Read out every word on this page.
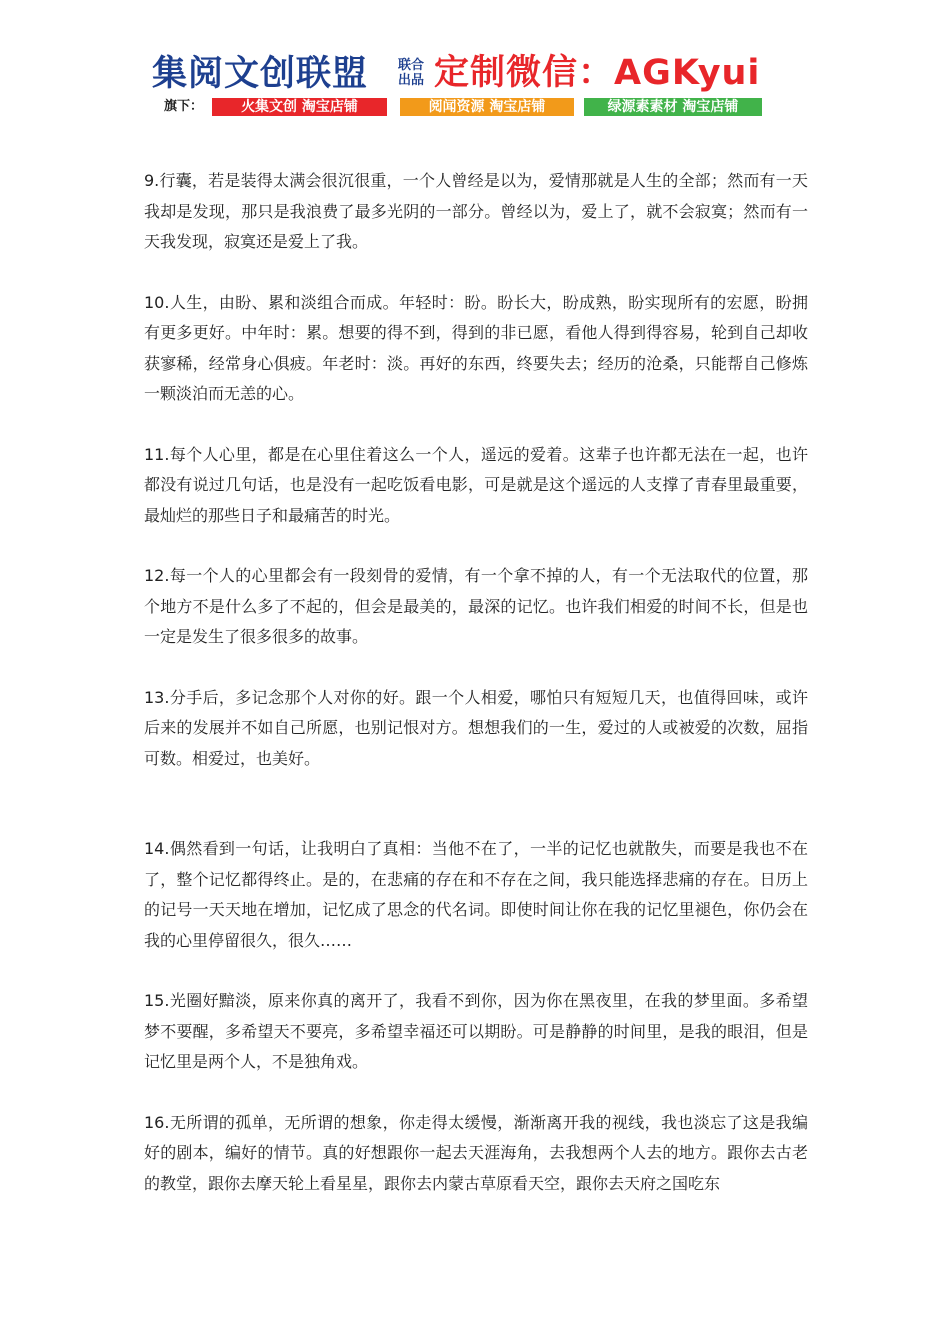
集阅文创联盟 联合出品 定制微信：AGKyui
旗下：	火集文创 淘宝店铺	阅闻资源 淘宝店铺	绿源素素材 淘宝店铺

9.行囊，若是装得太满会很沉很重，一个人曾经是以为，爱情那就是人生的全部；然而有一天我却是发现，那只是我浪费了最多光阴的一部分。曾经以为，爱上了，就不会寂寞；然而有一天我发现，寂寞还是爱上了我。

10.人生，由盼、累和淡组合而成。年轻时：盼。盼长大，盼成熟，盼实现所有的宏愿，盼拥有更多更好。中年时：累。想要的得不到，得到的非已愿，看他人得到得容易，轮到自己却收获寥稀，经常身心俱疲。年老时：淡。再好的东西，终要失去；经历的沧桑，只能帮自己修炼一颗淡泊而无恙的心。

11.每个人心里，都是在心里住着这么一个人，遥远的爱着。这辈子也许都无法在一起，也许都没有说过几句话，也是没有一起吃饭看电影，可是就是这个遥远的人支撑了青春里最重要，最灿烂的那些日子和最痛苦的时光。

12.每一个人的心里都会有一段刻骨的爱情，有一个拿不掉的人，有一个无法取代的位置，那个地方不是什么多了不起的，但会是最美的，最深的记忆。也许我们相爱的时间不长，但是也一定是发生了很多很多的故事。

13.分手后，多记念那个人对你的好。跟一个人相爱，哪怕只有短短几天，也值得回味，或许后来的发展并不如自己所愿，也别记恨对方。想想我们的一生，爱过的人或被爱的次数，屈指可数。相爱过，也美好。

14.偶然看到一句话，让我明白了真相：当他不在了，一半的记忆也就散失，而要是我也不在了，整个记忆都得终止。是的，在悲痛的存在和不存在之间，我只能选择悲痛的存在。日历上的记号一天天地在增加，记忆成了思念的代名词。即使时间让你在我的记忆里褪色，你仍会在我的心里停留很久，很久……

15.光圈好黯淡，原来你真的离开了，我看不到你，因为你在黑夜里，在我的梦里面。多希望梦不要醒，多希望天不要亮，多希望幸福还可以期盼。可是静静的时间里，是我的眼泪，但是记忆里是两个人，不是独角戏。

16.无所谓的孤单，无所谓的想象，你走得太缓慢，渐渐离开我的视线，我也淡忘了这是我编好的剧本，编好的情节。真的好想跟你一起去天涯海角，去我想两个人去的地方。跟你去古老的教堂，跟你去摩天轮上看星星，跟你去内蒙古草原看天空，跟你去天府之国吃东
